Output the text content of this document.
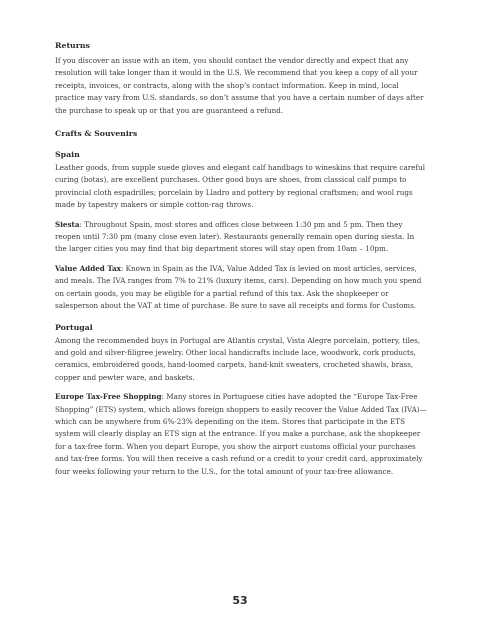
Returns

If you discover an issue with an item, you should contact the vendor directly and expect that any resolution will take longer than it would in the U.S. We recommend that you keep a copy of all your receipts, invoices, or contracts, along with the shop’s contact information. Keep in mind, local practice may vary from U.S. standards, so don’t assume that you have a certain number of days after the purchase to speak up or that you are guaranteed a refund.

Crafts & Souvenirs
Spain

Leather goods, from supple suede gloves and elegant calf handbags to wineskins that require careful curing (botas), are excellent purchases. Other good buys are shoes, from classical calf pumps to provincial cloth espadrilles; porcelain by Lladro and pottery by regional craftsmen; and wool rugs made by tapestry makers or simple cotton-rag throws.

Siesta: Throughout Spain, most stores and offices close between 1:30 pm and 5 pm. Then they reopen until 7:30 pm (many close even later). Restaurants generally remain open during siesta. In the larger cities you may find that big department stores will stay open from 10am – 10pm.

Value Added Tax: Known in Spain as the IVA, Value Added Tax is levied on most articles, services, and meals. The IVA ranges from 7% to 21% (luxury items, cars). Depending on how much you spend on certain goods, you may be eligible for a partial refund of this tax. Ask the shopkeeper or salesperson about the VAT at time of purchase. Be sure to save all receipts and forms for Customs.

Portugal

Among the recommended buys in Portugal are Atlantis crystal, Vista Alegre porcelain, pottery, tiles, and gold and silver-filigree jewelry. Other local handicrafts include lace, woodwork, cork products, ceramics, embroidered goods, hand-loomed carpets, hand-knit sweaters, crocheted shawls, brass, copper and pewter ware, and baskets.

Europe Tax-Free Shopping: Many stores in Portuguese cities have adopted the “Europe Tax-Free Shopping” (ETS) system, which allows foreign shoppers to easily recover the Value Added Tax (IVA)—which can be anywhere from 6%-23% depending on the item. Stores that participate in the ETS system will clearly display an ETS sign at the entrance. If you make a purchase, ask the shopkeeper for a tax-free form. When you depart Europe, you show the airport customs official your purchases and tax-free forms. You will then receive a cash refund or a credit to your credit card, approximately four weeks following your return to the U.S., for the total amount of your tax-free allowance.

53
